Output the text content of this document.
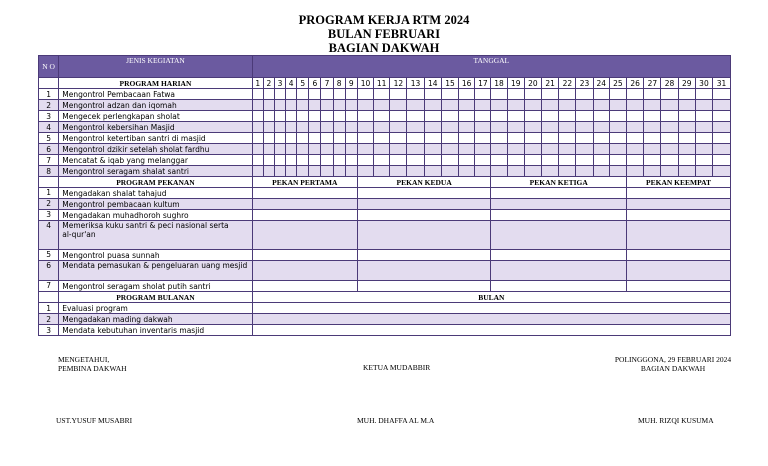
PROGRAM KERJA RTM 2024
BULAN FEBRUARI
BAGIAN DAKWAH
N O	JENIS KEGIATAN	TANGGAL																														
	PROGRAM HARIAN	1	2	3	4	5	6	7	8	9	10	11	12	13	14	15	16	17	18	19	20	21	22	23	24	25	26	27	28	29	30	31
1	Mengontrol Pembacaan Fatwa																															
2	Mengontrol adzan dan iqomah																															
3	Mengecek perlengkapan sholat																															
4	Mengontrol kebersihan Masjid																															
5	Mengontrol ketertiban santri di masjid																															
6	Mengontrol dzikir setelah sholat fardhu																															
7	Mencatat & iqab yang melanggar																															
8	Mengontrol seragam shalat santri																															
	PROGRAM PEKANAN	PEKAN PERTAMA									PEKAN KEDUA								PEKAN KETIGA								PEKAN KEEMPAT					
1	Mengadakan shalat tahajud																															
2	Mengontrol pembacaan kultum																															
3	Mengadakan muhadhoroh sughro																															
4	Memeriksa kuku santri & peci nasional serta
al-qur'an																															

5	Mengontrol puasa sunnah																															
6	Mendata pemasukan & pengeluaran uang mesjid																															
7	Mengontrol seragam sholat putih santri																															
	PROGRAM BULANAN	BULAN																														
1	Evaluasi program																															
2	Mengadakan mading dakwah																															
3	Mendata kebutuhan inventaris masjid																															
MENGETAHUI,
PEMBINA DAKWAH	KETUA MUDABBIR
POLINGGONA, 29 FEBRUARI 2024
BAGIAN DAKWAH
UST.YUSUF MUSABRI	MUH. DHAFFA AL M.A	MUH. RIZQI KUSUMA
